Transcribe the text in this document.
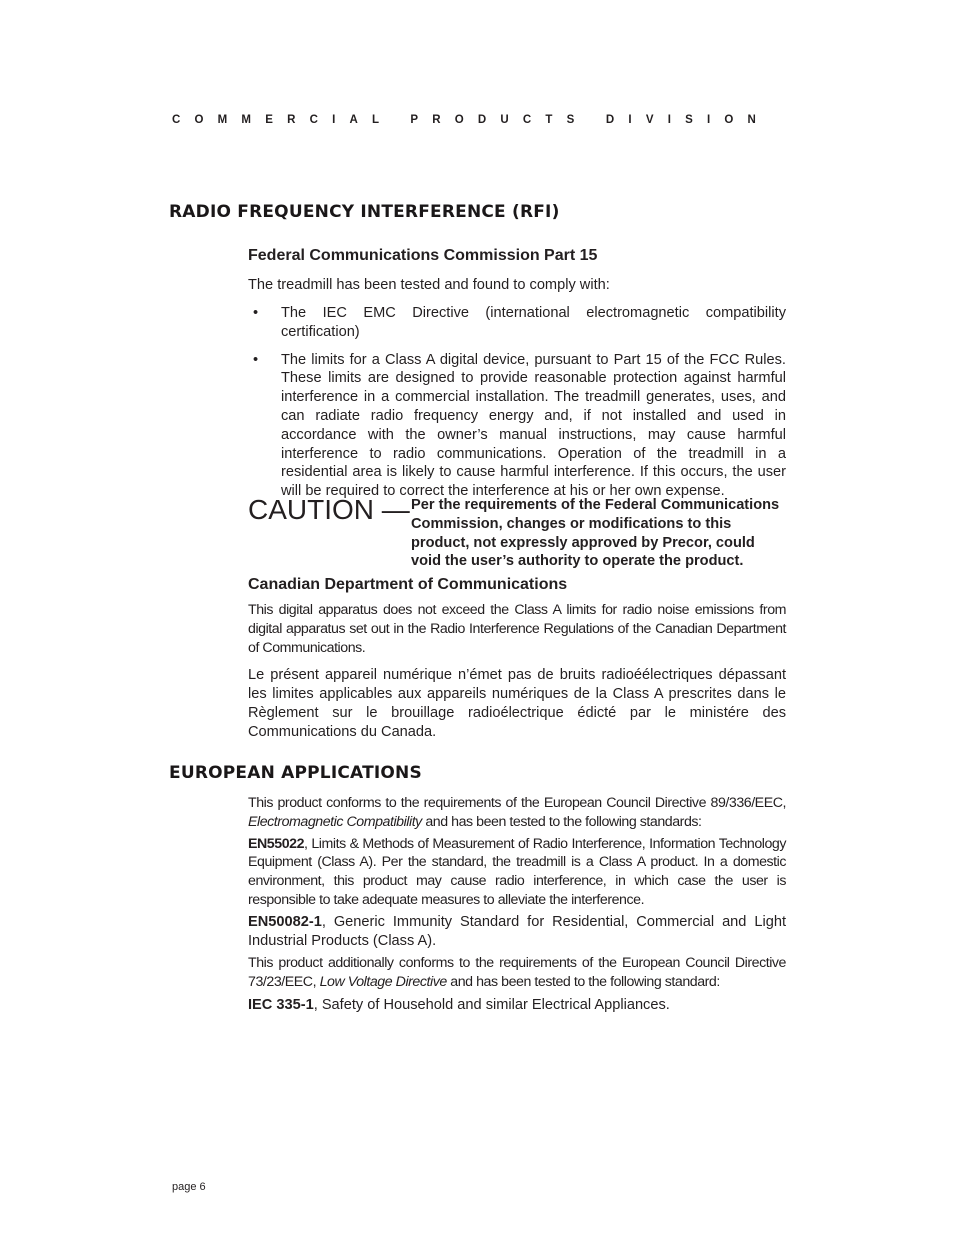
COMMERCIAL PRODUCTS DIVISION
RADIO FREQUENCY INTERFERENCE (RFI)
Federal Communications Commission Part 15

The treadmill has been tested and found to comply with:

• The IEC EMC Directive (international electromagnetic compatibility certification)
• The limits for a Class A digital device, pursuant to Part 15 of the FCC Rules. These limits are designed to provide reasonable protection against harmful interference in a commercial installation. The treadmill generates, uses, and can radiate radio frequency energy and, if not installed and used in accordance with the owner’s manual instructions, may cause harmful interference to radio communications. Operation of the treadmill in a residential area is likely to cause harmful interference. If this occurs, the user will be required to correct the interference at his or her own expense.
CAUTION — Per the requirements of the Federal Communications Commission, changes or modifications to this product, not expressly approved by Precor, could void the user’s authority to operate the product.
Canadian Department of Communications

This digital apparatus does not exceed the Class A limits for radio noise emissions from digital apparatus set out in the Radio Interference Regulations of the Canadian Department of Communications.

Le présent appareil numérique n’émet pas de bruits radioéélectriques dépassant les limites applicables aux appareils numériques de la Class A prescrites dans le Règlement sur le brouillage radioélectrique édicté par le ministére des Communications du Canada.

EUROPEAN APPLICATIONS

This product conforms to the requirements of the European Council Directive 89/336/EEC, Electromagnetic Compatibility and has been tested to the following standards:

EN55022, Limits & Methods of Measurement of Radio Interference, Information Technology Equipment (Class A). Per the standard, the treadmill is a Class A product. In a domestic environment, this product may cause radio interference, in which case the user is responsible to take adequate measures to alleviate the interference.

EN50082-1, Generic Immunity Standard for Residential, Commercial and Light Industrial Products (Class A).

This product additionally conforms to the requirements of the European Council Directive 73/23/EEC, Low Voltage Directive and has been tested to the following standard:

IEC 335-1, Safety of Household and similar Electrical Appliances.

page 6
